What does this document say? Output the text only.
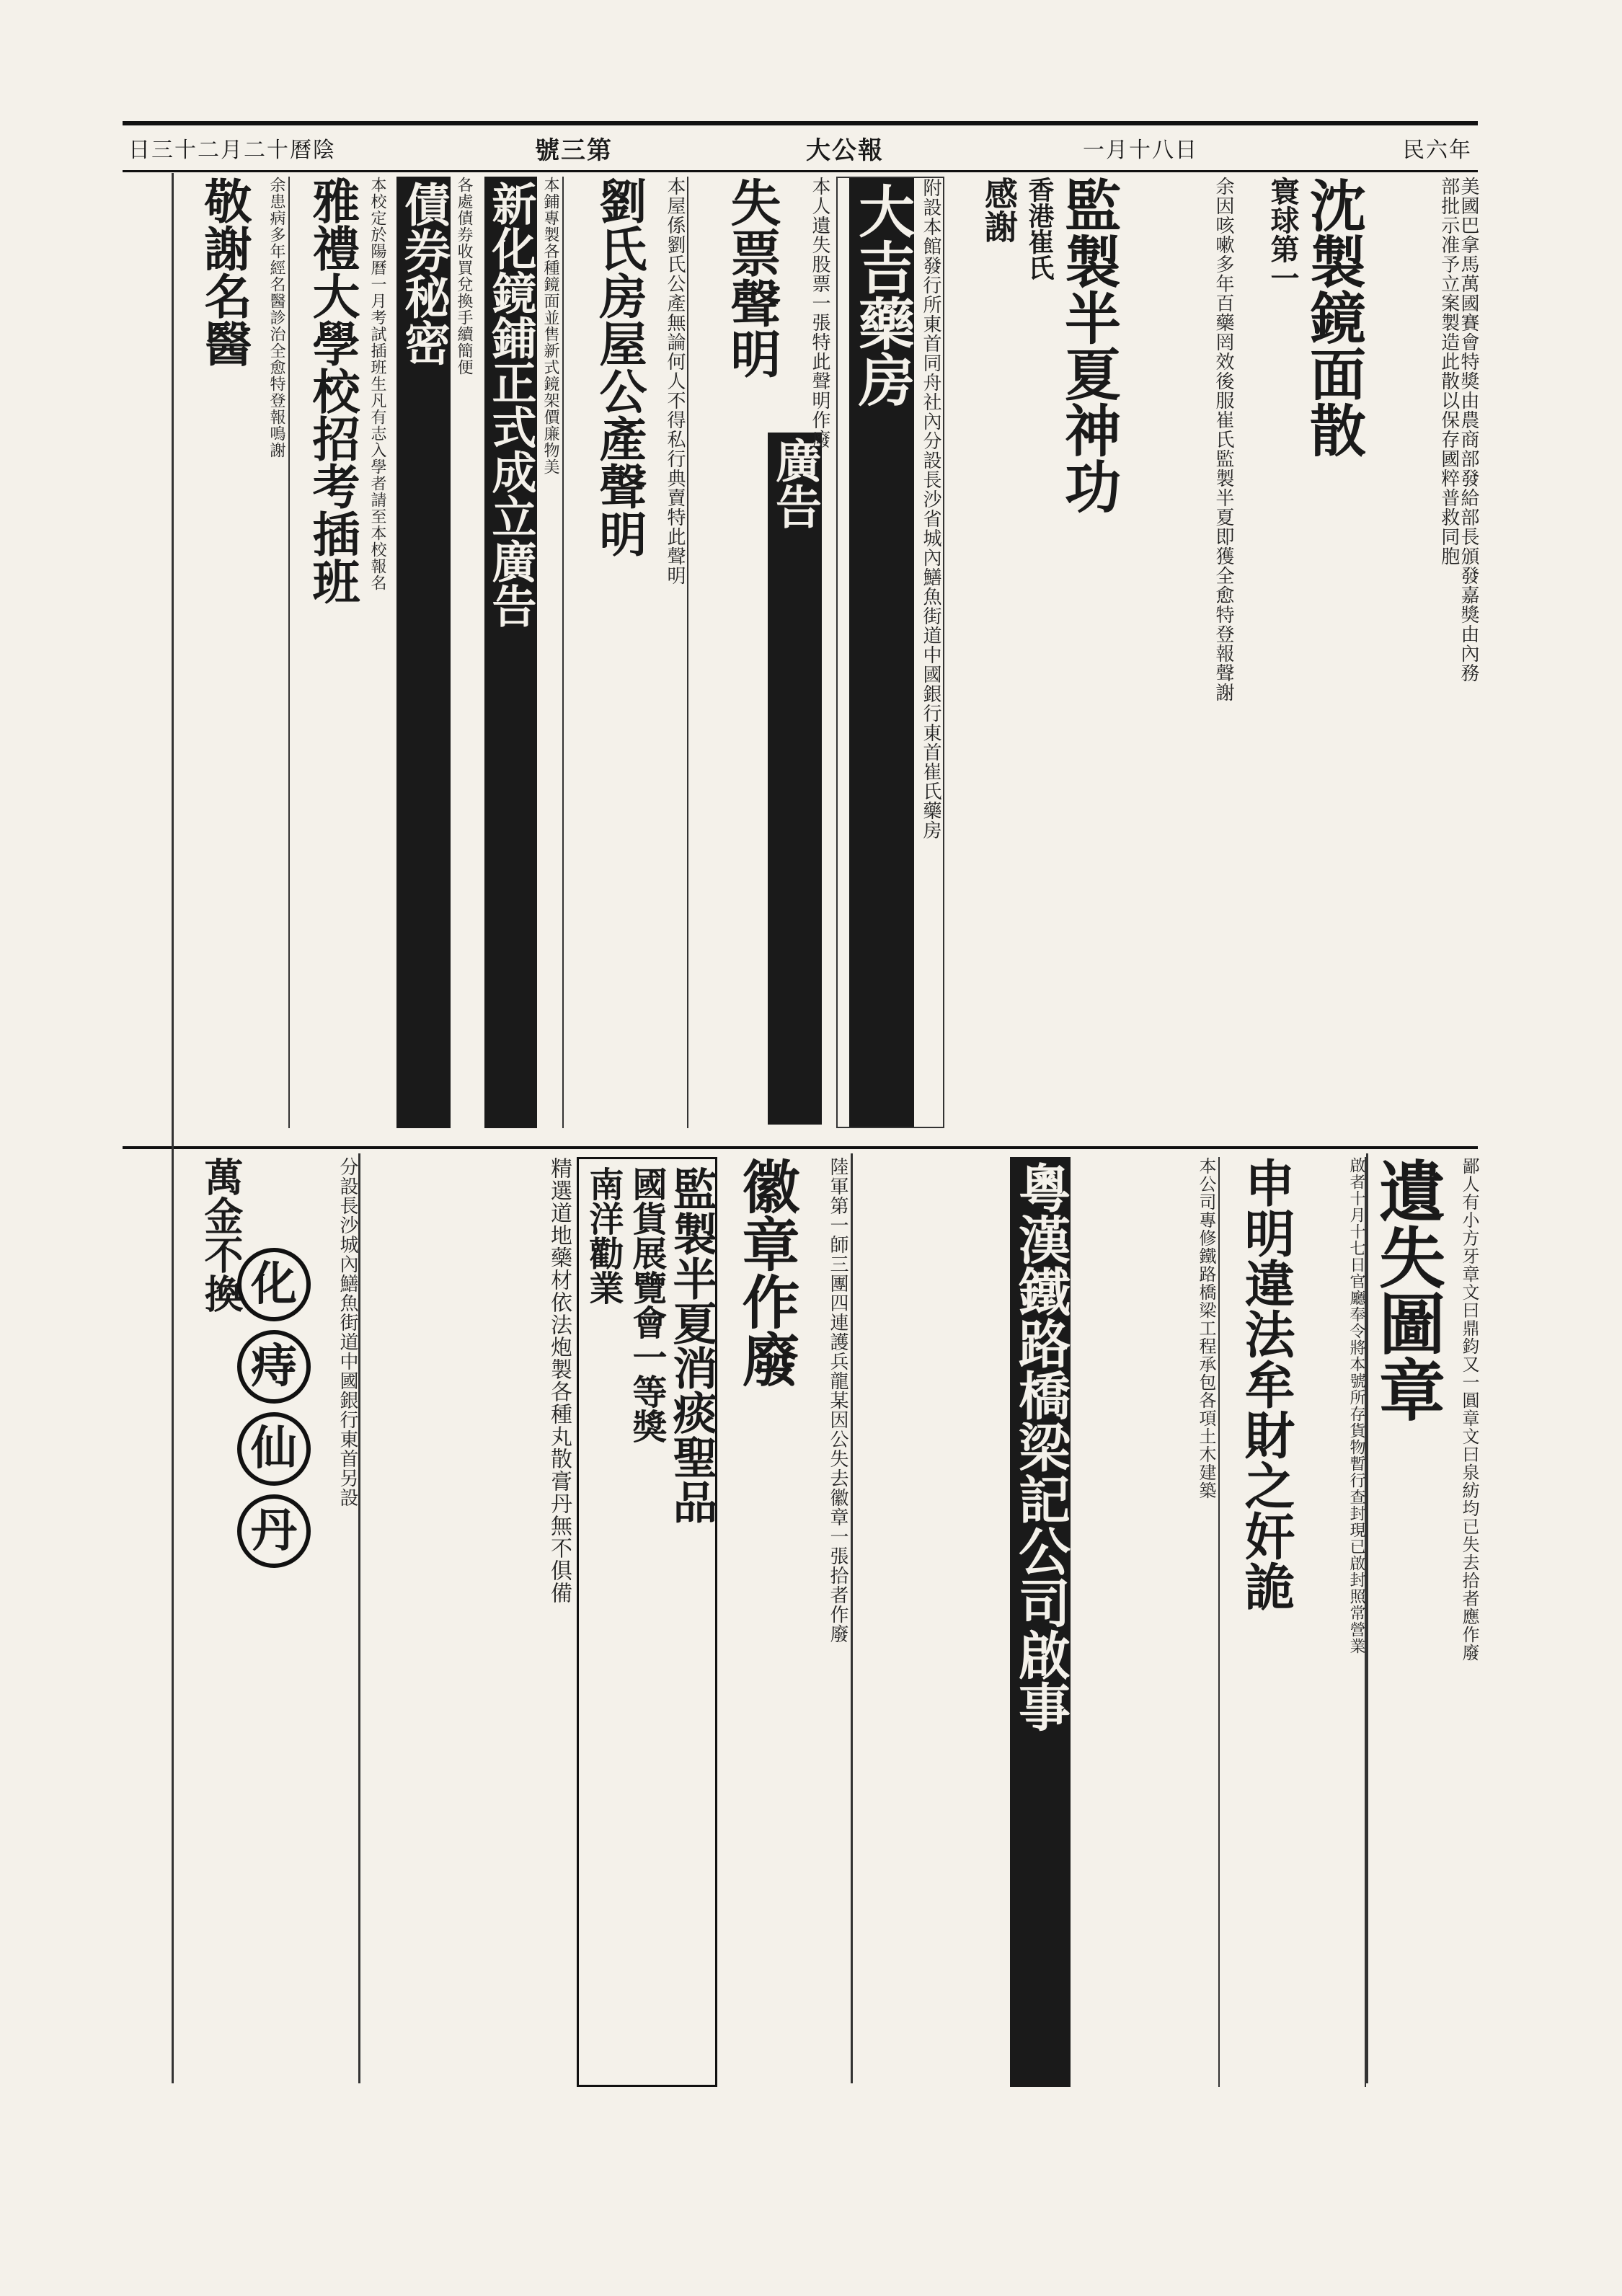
日三十二月二十曆陰	號三第	大公報	一月十八日	民六年
寰球第一 沈製鏡面散	美國巴拿馬萬國賽會特獎由農商部發給部長頒發嘉獎由內務部批示准予立案製造此散以保存國粹普救同胞
感謝 香港崔氏 監製半夏神功	余因咳嗽多年百藥罔效後服崔氏監製半夏即獲全愈特登報聲謝
大吉藥房 附設本館發行所東首同舟社內分設長沙省城內鱔魚街道中國銀行東首崔氏藥房
廣告
失票聲明	本人遺失股票一張特此聲明作廢
劉氏房屋公產聲明 本屋係劉氏公產無論何人不得私行典賣特此聲明
新化鏡鋪正式成立廣告 本鋪專製各種鏡面並售新式鏡架價廉物美
債券秘密 各處債券收買兌換手續簡便
雅禮大學校招考插班 本校定於陽曆一月考試插班生凡有志入學者請至本校報名
敬謝名醫 余患病多年經名醫診治全愈特登報鳴謝
遺失圖章 鄙人有小方牙章文曰鼎鈞又一圓章文曰泉紡均已失去拾者應作廢
申明違法牟財之奸詭	啟者十月十七日官廳奉令將本號所存貨物暫行查封現已啟封照常營業
粵漢鐵路橋梁記公司啟事	本公司專修鐵路橋梁工程承包各項土木建築
徽章作廢	陸軍第一師三團四連護兵龍某因公失去徽章一張拾者作廢
南洋勸業 國貨展覽會一等獎
監製半夏消痰聖品
精選道地藥材依法炮製各種丸散膏丹無不俱備
萬金不換 化
痔
仙
丹
分設長沙城內鱔魚街道中國銀行東首另設
